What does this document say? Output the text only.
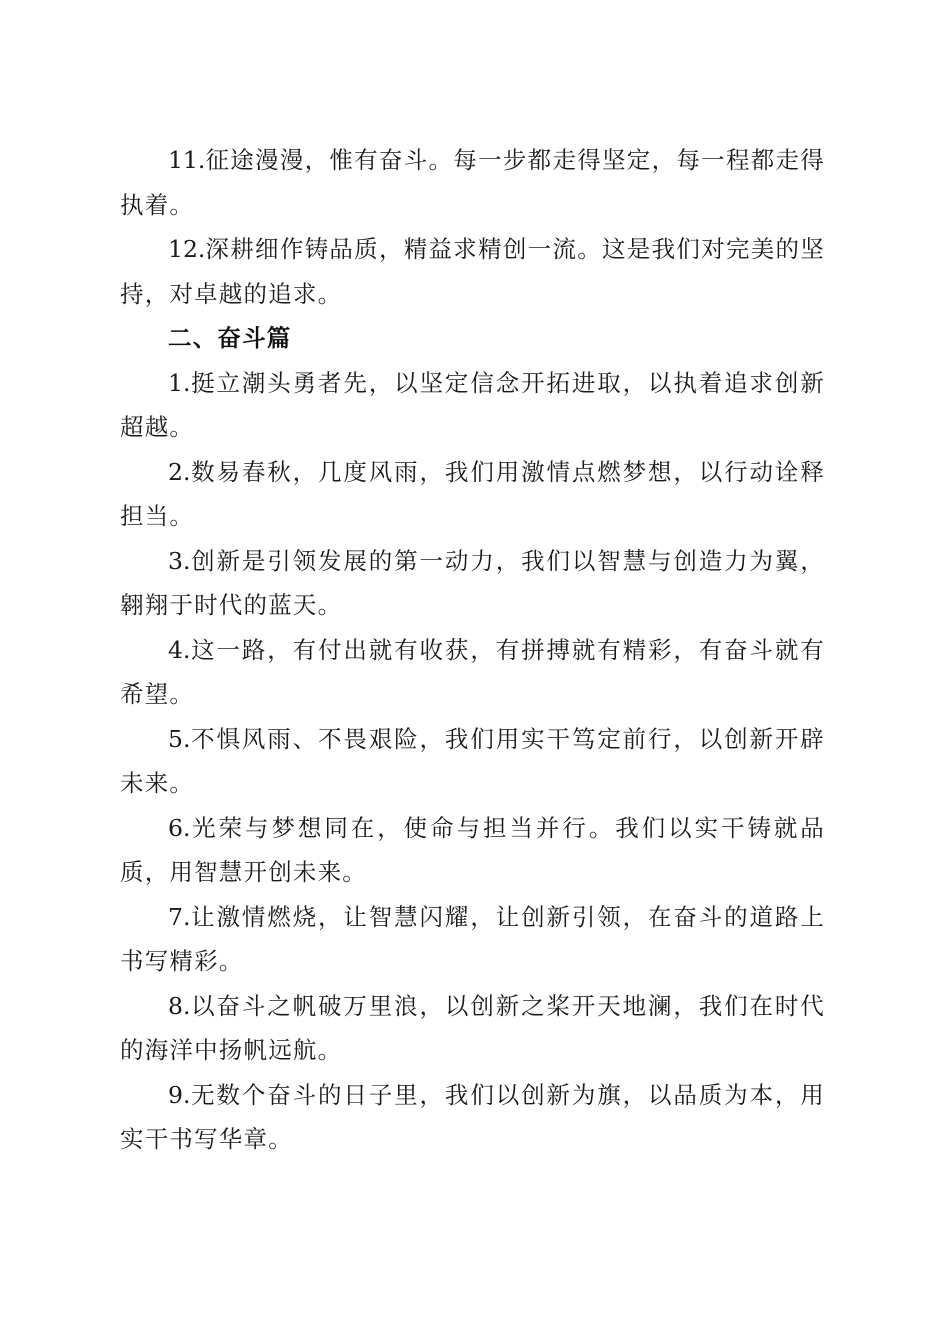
11.征途漫漫，惟有奋斗。每一步都走得坚定，每一程都走得执着。

12.深耕细作铸品质，精益求精创一流。这是我们对完美的坚持，对卓越的追求。

二、奋斗篇

1.挺立潮头勇者先，以坚定信念开拓进取，以执着追求创新超越。

2.数易春秋，几度风雨，我们用激情点燃梦想，以行动诠释担当。

3.创新是引领发展的第一动力，我们以智慧与创造力为翼，翱翔于时代的蓝天。

4.这一路，有付出就有收获，有拼搏就有精彩，有奋斗就有希望。

5.不惧风雨、不畏艰险，我们用实干笃定前行，以创新开辟未来。

6.光荣与梦想同在，使命与担当并行。我们以实干铸就品质，用智慧开创未来。

7.让激情燃烧，让智慧闪耀，让创新引领，在奋斗的道路上书写精彩。

8.以奋斗之帆破万里浪，以创新之桨开天地澜，我们在时代的海洋中扬帆远航。

9.无数个奋斗的日子里，我们以创新为旗，以品质为本，用实干书写华章。
